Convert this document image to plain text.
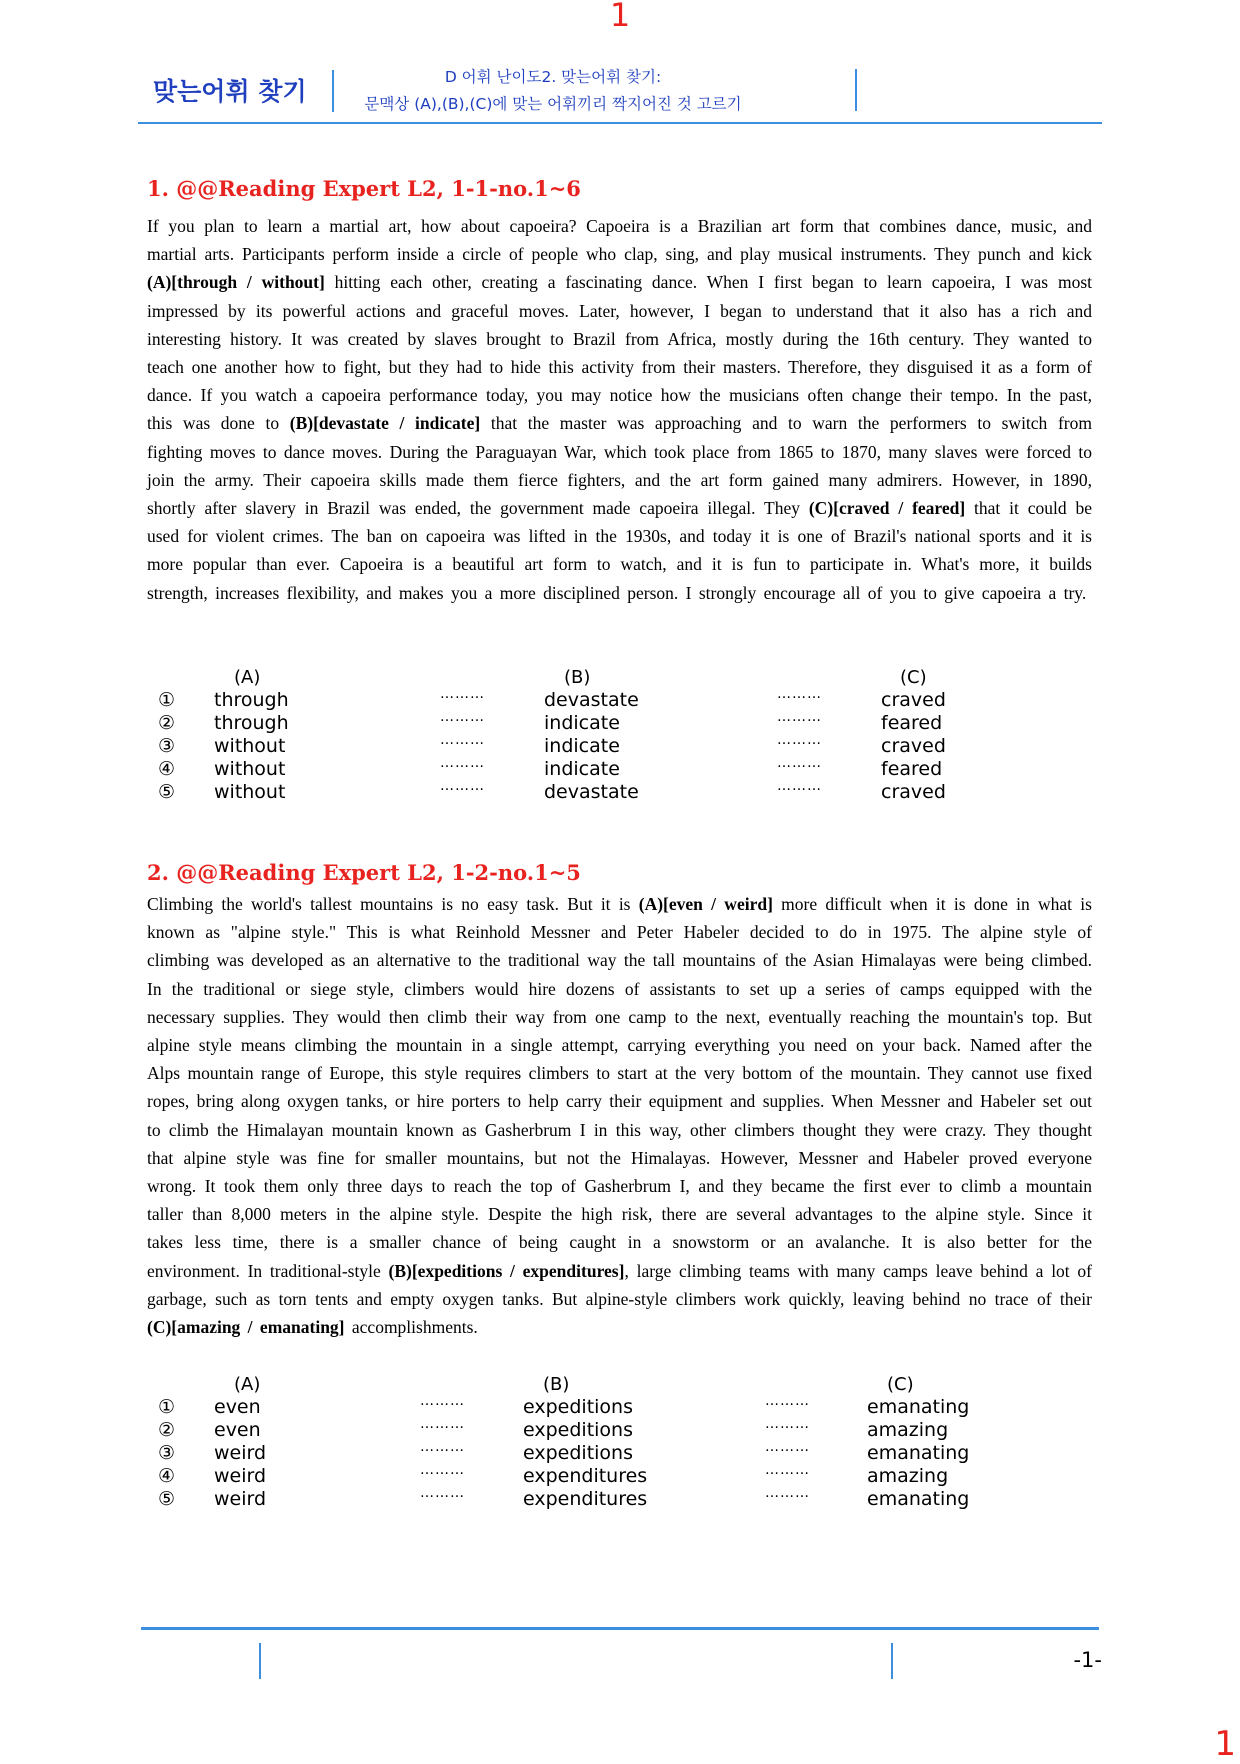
1
맞는어휘 찾기	D 어휘 난이도2. 맞는어휘 찾기:
문맥상 (A),(B),(C)에 맞는 어휘끼리 짝지어진 것 고르기
1. @@Reading Expert L2, 1-1-no.1~6
If you plan to learn a martial art, how about capoeira? Capoeira is a Brazilian art form that combines dance, music, and martial arts. Participants perform inside a circle of people who clap, sing, and play musical instruments. They punch and kick (A)[through / without] hitting each other, creating a fascinating dance. When I first began to learn capoeira, I was most impressed by its powerful actions and graceful moves. Later, however, I began to understand that it also has a rich and interesting history. It was created by slaves brought to Brazil from Africa, mostly during the 16th century. They wanted to teach one another how to fight, but they had to hide this activity from their masters. Therefore, they disguised it as a form of dance. If you watch a capoeira performance today, you may notice how the musicians often change their tempo. In the past, this was done to (B)[devastate / indicate] that the master was approaching and to warn the performers to switch from fighting moves to dance moves. During the Paraguayan War, which took place from 1865 to 1870, many slaves were forced to join the army. Their capoeira skills made them fierce fighters, and the art form gained many admirers. However, in 1890, shortly after slavery in Brazil was ended, the government made capoeira illegal. They (C)[craved / feared] that it could be used for violent crimes. The ban on capoeira was lifted in the 1930s, and today it is one of Brazil's national sports and it is more popular than ever. Capoeira is a beautiful art form to watch, and it is fun to participate in. What's more, it builds strength, increases flexibility, and makes you a more disciplined person. I strongly encourage all of you to give capoeira a try.
(A)	(B)	(C)
① through	………	devastate	………	craved
② through	………	indicate	………	feared
③ without	………	indicate	………	craved
④ without	………	indicate	………	feared
⑤ without	………	devastate	………	craved
2. @@Reading Expert L2, 1-2-no.1~5
Climbing the world's tallest mountains is no easy task. But it is (A)[even / weird] more difficult when it is done in what is known as "alpine style." This is what Reinhold Messner and Peter Habeler decided to do in 1975. The alpine style of climbing was developed as an alternative to the traditional way the tall mountains of the Asian Himalayas were being climbed. In the traditional or siege style, climbers would hire dozens of assistants to set up a series of camps equipped with the necessary supplies. They would then climb their way from one camp to the next, eventually reaching the mountain's top. But alpine style means climbing the mountain in a single attempt, carrying everything you need on your back. Named after the Alps mountain range of Europe, this style requires climbers to start at the very bottom of the mountain. They cannot use fixed ropes, bring along oxygen tanks, or hire porters to help carry their equipment and supplies. When Messner and Habeler set out to climb the Himalayan mountain known as Gasherbrum I in this way, other climbers thought they were crazy. They thought that alpine style was fine for smaller mountains, but not the Himalayas. However, Messner and Habeler proved everyone wrong. It took them only three days to reach the top of Gasherbrum I, and they became the first ever to climb a mountain taller than 8,000 meters in the alpine style. Despite the high risk, there are several advantages to the alpine style. Since it takes less time, there is a smaller chance of being caught in a snowstorm or an avalanche. It is also better for the environment. In traditional-style (B)[expeditions / expenditures], large climbing teams with many camps leave behind a lot of garbage, such as torn tents and empty oxygen tanks. But alpine-style climbers work quickly, leaving behind no trace of their (C)[amazing / emanating] accomplishments.
(A)	(B)	(C)
① even	………	expeditions	………	emanating
② even	………	expeditions	………	amazing
③ weird	………	expeditions	………	emanating
④ weird	………	expenditures	………	amazing
⑤ weird	………	expenditures	………	emanating
-1-
1
